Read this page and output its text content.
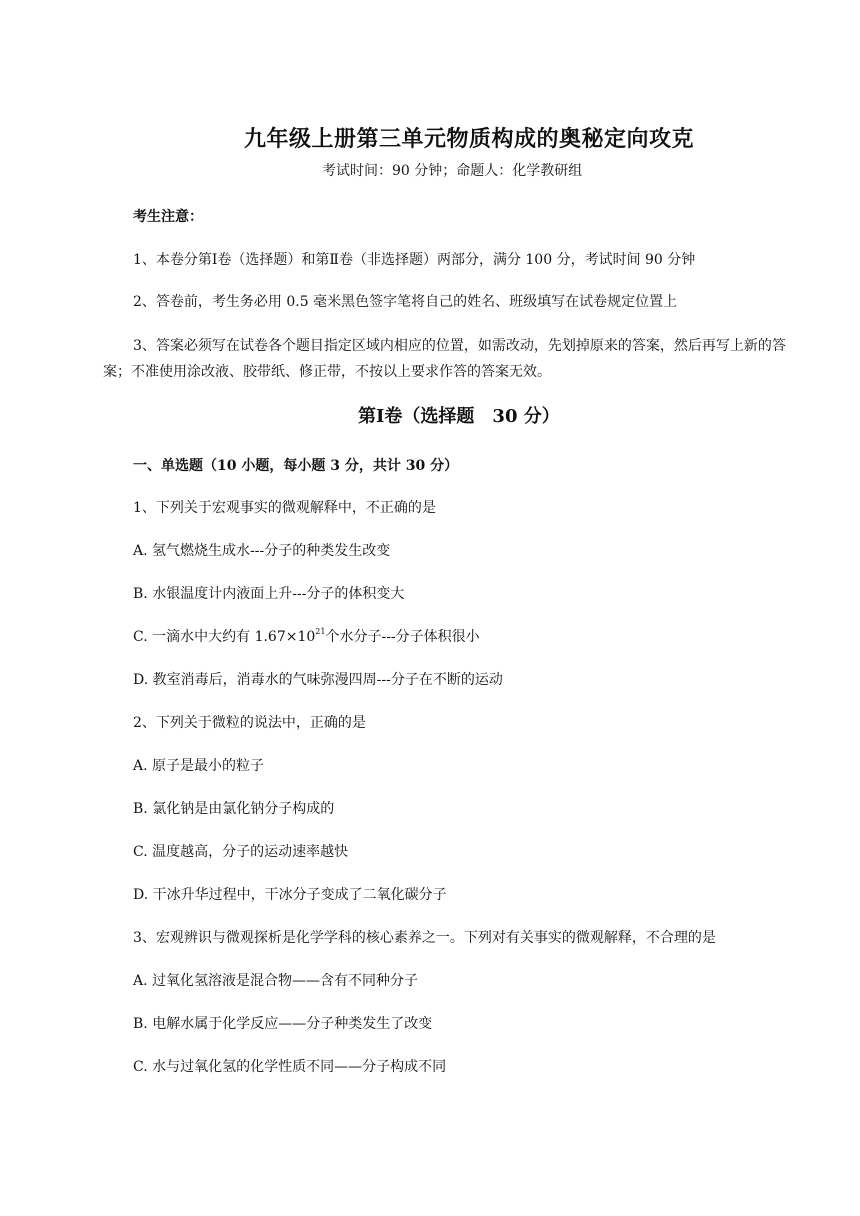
九年级上册第三单元物质构成的奥秘定向攻克
考试时间：90 分钟；命题人：化学教研组
考生注意：
1、本卷分第Ⅰ卷（选择题）和第Ⅱ卷（非选择题）两部分，满分 100 分，考试时间 90 分钟
2、答卷前，考生务必用 0.5 毫米黑色签字笔将自己的姓名、班级填写在试卷规定位置上
3、答案必须写在试卷各个题目指定区域内相应的位置，如需改动，先划掉原来的答案，然后再写上新的答案；不准使用涂改液、胶带纸、修正带，不按以上要求作答的答案无效。
第Ⅰ卷（选择题　30 分）
一、单选题（10 小题，每小题 3 分，共计 30 分）
1、下列关于宏观事实的微观解释中，不正确的是
A. 氢气燃烧生成水---分子的种类发生改变
B. 水银温度计内液面上升---分子的体积变大
C. 一滴水中大约有 $1.67\times 10^{21}$个水分子---分子体积很小
D. 教室消毒后，消毒水的气味弥漫四周---分子在不断的运动
2、下列关于微粒的说法中，正确的是
A. 原子是最小的粒子
B. 氯化钠是由氯化钠分子构成的
C. 温度越高，分子的运动速率越快
D. 干冰升华过程中，干冰分子变成了二氧化碳分子
3、宏观辨识与微观探析是化学学科的核心素养之一。下列对有关事实的微观解释，不合理的是
A. 过氧化氢溶液是混合物——含有不同种分子
B. 电解水属于化学反应——分子种类发生了改变
C. 水与过氧化氢的化学性质不同——分子构成不同
